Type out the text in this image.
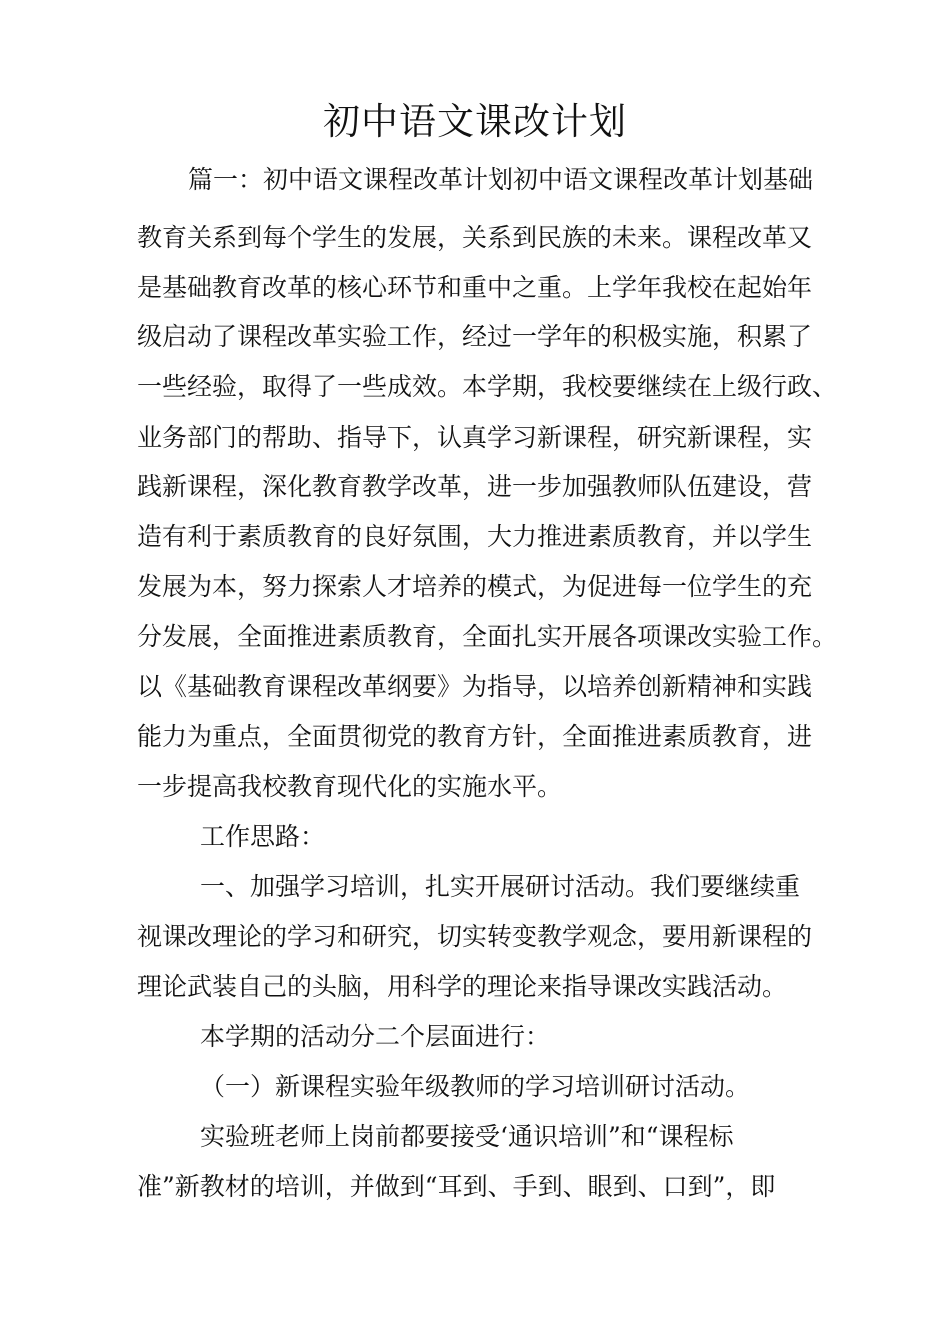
初中语文课改计划
篇一：初中语文课程改革计划初中语文课程改革计划基础
教育关系到每个学生的发展，关系到民族的未来。课程改革又
是基础教育改革的核心环节和重中之重。上学年我校在起始年
级启动了课程改革实验工作，经过一学年的积极实施，积累了
一些经验，取得了一些成效。本学期，我校要继续在上级行政、
业务部门的帮助、指导下，认真学习新课程，研究新课程，实
践新课程，深化教育教学改革，进一步加强教师队伍建设，营
造有利于素质教育的良好氛围，大力推进素质教育，并以学生
发展为本，努力探索人才培养的模式，为促进每一位学生的充
分发展，全面推进素质教育，全面扎实开展各项课改实验工作。
以《基础教育课程改革纲要》为指导，以培养创新精神和实践
能力为重点，全面贯彻党的教育方针，全面推进素质教育，进
一步提高我校教育现代化的实施水平。
工作思路：
一、加强学习培训，扎实开展研讨活动。我们要继续重
视课改理论的学习和研究，切实转变教学观念，要用新课程的
理论武装自己的头脑，用科学的理论来指导课改实践活动。
本学期的活动分二个层面进行：
（一）新课程实验年级教师的学习培训研讨活动。
实验班老师上岗前都要接受‘通识培训”和“课程标
准”新教材的培训，并做到“耳到、手到、眼到、口到”，即
